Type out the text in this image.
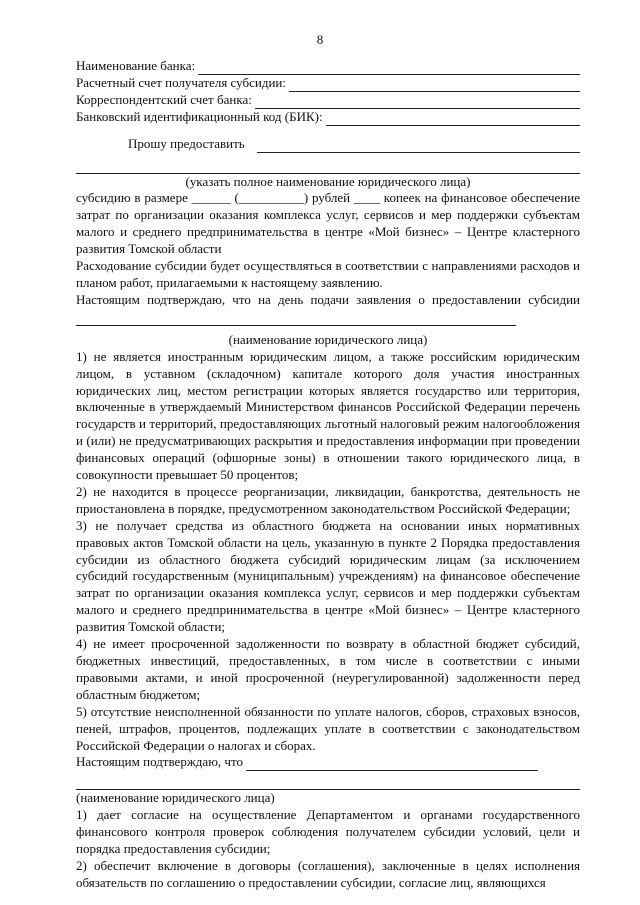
8
Наименование банка:
Расчетный счет получателя субсидии:
Корреспондентский счет банка:
Банковский идентификационный код (БИК):
Прошу предоставить
(указать полное наименование юридического лица)
субсидию в размере ______ (__________) рублей ____ копеек на финансовое обеспечение затрат по организации оказания комплекса услуг, сервисов и мер поддержки субъектам малого и среднего предпринимательства в центре «Мой бизнес» – Центре кластерного развития Томской области
Расходование субсидии будет осуществляться в соответствии с направлениями расходов и планом работ, прилагаемыми к настоящему заявлению.
Настоящим подтверждаю, что на день подачи заявления о предоставлении субсидии
(наименование юридического лица)
1) не является иностранным юридическим лицом, а также российским юридическим лицом, в уставном (складочном) капитале которого доля участия иностранных юридических лиц, местом регистрации которых является государство или территория, включенные в утверждаемый Министерством финансов Российской Федерации перечень государств и территорий, предоставляющих льготный налоговый режим налогообложения и (или) не предусматривающих раскрытия и предоставления информации при проведении финансовых операций (офшорные зоны) в отношении такого юридического лица, в совокупности превышает 50 процентов;
2) не находится в процессе реорганизации, ликвидации, банкротства, деятельность не приостановлена в порядке, предусмотренном законодательством Российской Федерации;
3) не получает средства из областного бюджета на основании иных нормативных правовых актов Томской области на цель, указанную в пункте 2 Порядка предоставления субсидии из областного бюджета субсидий юридическим лицам (за исключением субсидий государственным (муниципальным) учреждениям) на финансовое обеспечение затрат по организации оказания комплекса услуг, сервисов и мер поддержки субъектам малого и среднего предпринимательства в центре «Мой бизнес» – Центре кластерного развития Томской области;
4) не имеет просроченной задолженности по возврату в областной бюджет субсидий, бюджетных инвестиций, предоставленных, в том числе в соответствии с иными правовыми актами, и иной просроченной (неурегулированной) задолженности перед областным бюджетом;
5) отсутствие неисполненной обязанности по уплате налогов, сборов, страховых взносов, пеней, штрафов, процентов, подлежащих уплате в соответствии с законодательством Российской Федерации о налогах и сборах.
Настоящим подтверждаю, что
(наименование юридического лица)
1) дает согласие на осуществление Департаментом и органами государственного финансового контроля проверок соблюдения получателем субсидии условий, цели и порядка предоставления субсидии;
2) обеспечит включение в договоры (соглашения), заключенные в целях исполнения обязательств по соглашению о предоставлении субсидии, согласие лиц, являющихся
